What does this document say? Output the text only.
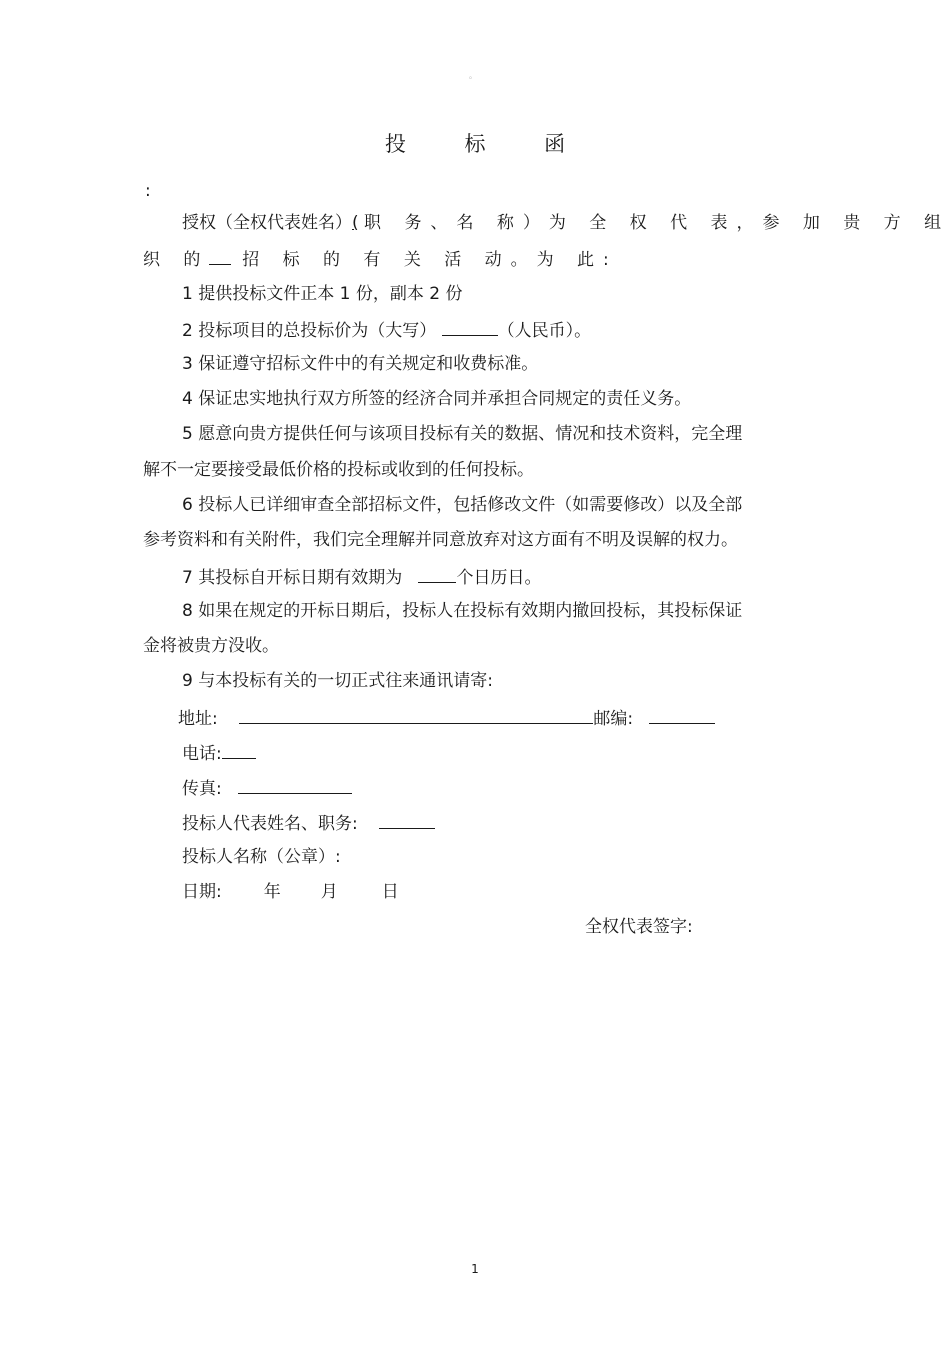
。
投 标 函
:
授权（全权代表姓名）( 职 务、名 称）为 全 权 代 表，参 加 贵 方 组
织 的 招 标 的 有 关 活 动。为 此:
1 提供投标文件正本 1 份，副本 2 份
2 投标项目的总投标价为（大写）	（人民币）。
3 保证遵守招标文件中的有关规定和收费标准。
4 保证忠实地执行双方所签的经济合同并承担合同规定的责任义务。
5 愿意向贵方提供任何与该项目投标有关的数据、情况和技术资料，完全理
解不一定要接受最低价格的投标或收到的任何投标。
6 投标人已详细审查全部招标文件，包括修改文件（如需要修改）以及全部
参考资料和有关附件，我们完全理解并同意放弃对这方面有不明及误解的权力。
7 其投标自开标日期有效期为	个日历日。
8 如果在规定的开标日期后，投标人在投标有效期内撤回投标，其投标保证
金将被贵方没收。
9 与本投标有关的一切正式往来通讯请寄:
地址:	邮编:
电话:
传真:
投标人代表姓名、职务:
投标人名称（公章）:
日期: 年 月	日
全权代表签字:
1
